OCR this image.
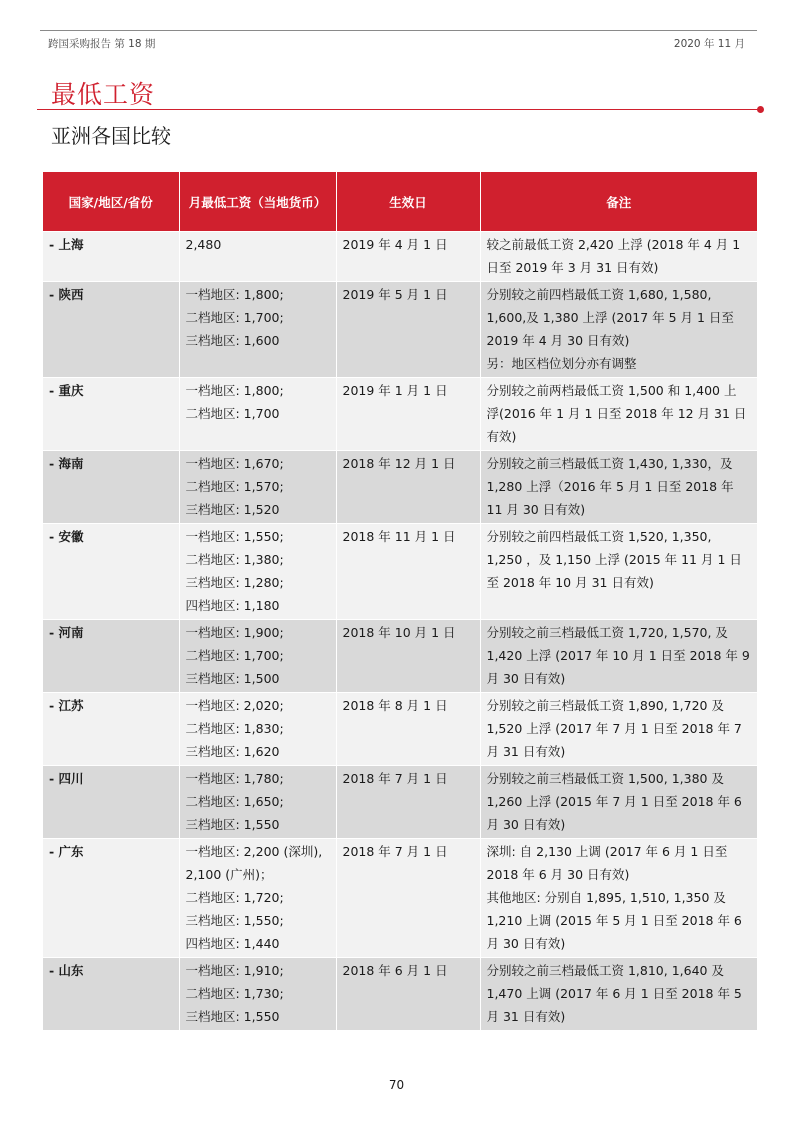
跨国采购报告 第 18 期	2020 年 11 月
最低工资
亚洲各国比较
国家/地区/省份	月最低工资（当地货币）	生效日	备注
- 上海	2,480	2019 年 4 月 1 日	较之前最低工资 2,420 上浮 (2018 年 4 月 1
日至 2019 年 3 月 31 日有效)

- 陕西	一档地区: 1,800;
二档地区: 1,700;
三档地区: 1,600	2019 年 5 月 1 日	分别较之前四档最低工资 1,680, 1,580,
1,600,及 1,380 上浮 (2017 年 5 月 1 日至
2019 年 4 月 30 日有效)
另：地区档位划分亦有调整

- 重庆	一档地区: 1,800;
二档地区: 1,700	2019 年 1 月 1 日	分别较之前两档最低工资 1,500 和 1,400 上
浮(2016 年 1 月 1 日至 2018 年 12 月 31 日
有效)

- 海南	一档地区: 1,670;
二档地区: 1,570;
三档地区: 1,520	2018 年 12 月 1 日	分别较之前三档最低工资 1,430, 1,330，及
1,280 上浮（2016 年 5 月 1 日至 2018 年
11 月 30 日有效)

- 安徽	一档地区: 1,550;
二档地区: 1,380;
三档地区: 1,280;
四档地区: 1,180	2018 年 11 月 1 日	分别较之前四档最低工资 1,520, 1,350,
1,250 ，及 1,150 上浮 (2015 年 11 月 1 日
至 2018 年 10 月 31 日有效)

- 河南	一档地区: 1,900;
二档地区: 1,700;
三档地区: 1,500	2018 年 10 月 1 日	分别较之前三档最低工资 1,720, 1,570, 及
1,420 上浮 (2017 年 10 月 1 日至 2018 年 9
月 30 日有效)

- 江苏	一档地区: 2,020;
二档地区: 1,830;
三档地区: 1,620	2018 年 8 月 1 日	分别较之前三档最低工资 1,890, 1,720 及
1,520 上浮 (2017 年 7 月 1 日至 2018 年 7
月 31 日有效)

- 四川	一档地区: 1,780;
二档地区: 1,650;
三档地区: 1,550	2018 年 7 月 1 日	分别较之前三档最低工资 1,500, 1,380 及
1,260 上浮 (2015 年 7 月 1 日至 2018 年 6
月 30 日有效)

- 广东	一档地区: 2,200 (深圳),
2,100 (广州)；
二档地区: 1,720;
三档地区: 1,550;
四档地区: 1,440	2018 年 7 月 1 日	深圳: 自 2,130 上调 (2017 年 6 月 1 日至
2018 年 6 月 30 日有效)
其他地区: 分别自 1,895, 1,510, 1,350 及
1,210 上调 (2015 年 5 月 1 日至 2018 年 6
月 30 日有效)

- 山东	一档地区: 1,910;
二档地区: 1,730;
三档地区: 1,550	2018 年 6 月 1 日	分别较之前三档最低工资 1,810, 1,640 及
1,470 上调 (2017 年 6 月 1 日至 2018 年 5
月 31 日有效)
70
